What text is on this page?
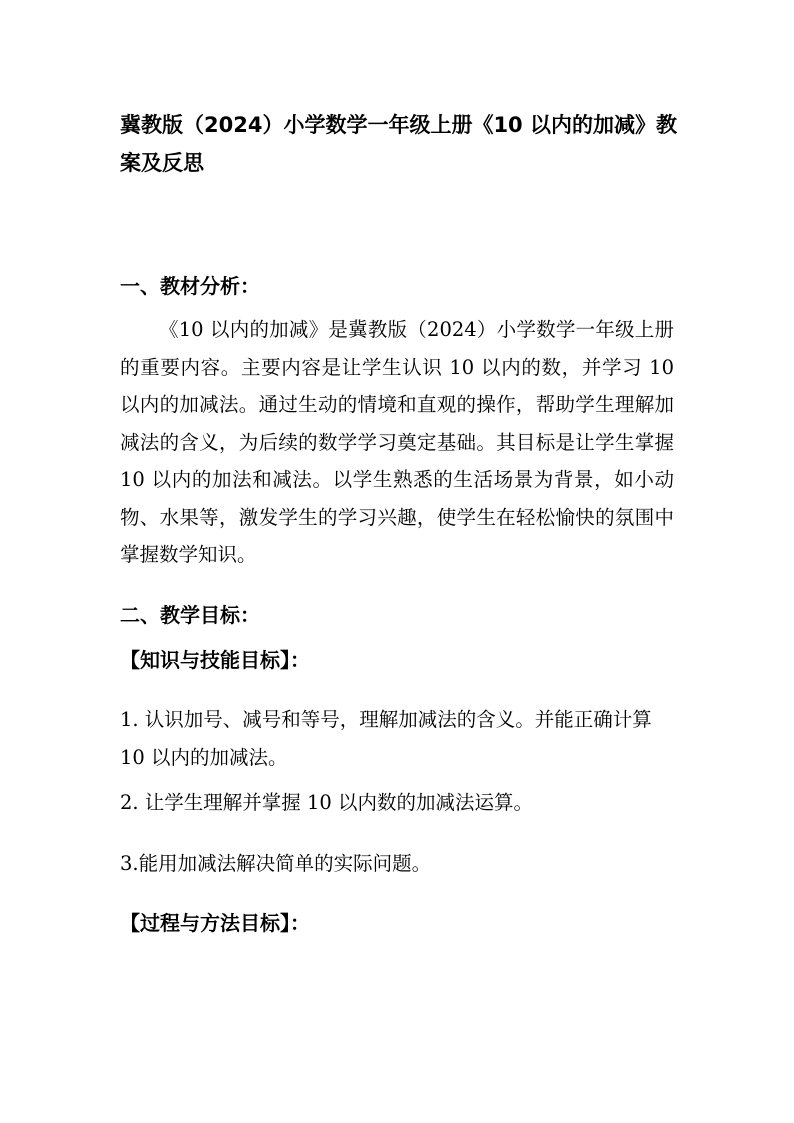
冀教版（2024）小学数学一年级上册《10 以内的加减》教案及反思
一、教材分析：

《10 以内的加减》是冀教版（2024）小学数学一年级上册的重要内容。主要内容是让学生认识 10 以内的数，并学习 10 以内的加减法。通过生动的情境和直观的操作，帮助学生理解加减法的含义，为后续的数学学习奠定基础。其目标是让学生掌握 10 以内的加法和减法。以学生熟悉的生活场景为背景，如小动物、水果等，激发学生的学习兴趣，使学生在轻松愉快的氛围中掌握数学知识。

二、教学目标：
【知识与技能目标】：

1. 认识加号、减号和等号，理解加减法的含义。并能正确计算 10 以内的加减法。

2. 让学生理解并掌握 10 以内数的加减法运算。

3.能用加减法解决简单的实际问题。

【过程与方法目标】：
